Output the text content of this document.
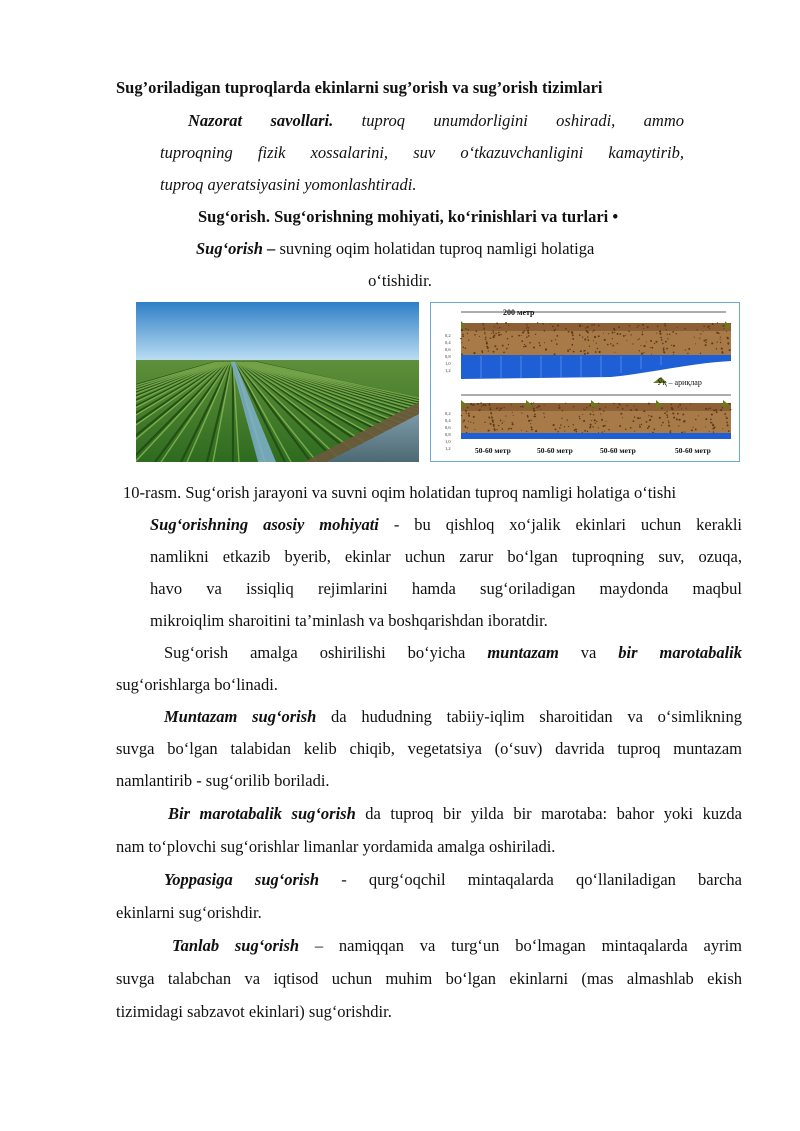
Sug’oriladigan tuproqlarda ekinlarni sug’orish va sug’orish tizimlari
Nazorat savollari. tuproq unumdorligini oshiradi, ammo
tuproqning fizik xossalarini, suv o‘tkazuvchanligini kamaytirib,
tuproq ayeratsiyasini yomonlashtiradi.
Sug‘orish. Sug‘orishning mohiyati, ko‘rinishlari va turlari •
Sug‘orish – suvning oqim holatidan tuproq namligi holatiga
o‘tishidir.
200 метр
0,2
0,4
0,6
0,8
1,0
1,2
Ўқ – ариқлар
0,2
0,4
0,6
0,8
1,0
1,2	50-60 метр	50-60 метр	50-60 метр	50-60 метр
10-rasm. Sug‘orish jarayoni va suvni oqim holatidan tuproq namligi holatiga o‘tishi
Sug‘orishning asosiy mohiyati - bu qishloq xo‘jalik ekinlari uchun kerakli
namlikni etkazib byerib, ekinlar uchun zarur bo‘lgan tuproqning suv, ozuqa,
havo va issiqliq rejimlarini hamda sug‘oriladigan maydonda maqbul
mikroiqlim sharoitini ta’minlash va boshqarishdan iboratdir.
Sug‘orish amalga oshirilishi bo‘yicha muntazam va bir marotabalik
sug‘orishlarga bo‘linadi.
Muntazam sug‘orish da hududning tabiiy-iqlim sharoitidan va o‘simlikning
suvga bo‘lgan talabidan kelib chiqib, vegetatsiya (o‘suv) davrida tuproq muntazam
namlantirib - sug‘orilib boriladi.
Bir marotabalik sug‘orish da tuproq bir yilda bir marotaba: bahor yoki kuzda
nam to‘plovchi sug‘orishlar limanlar yordamida amalga oshiriladi.
Yoppasiga sug‘orish - qurg‘oqchil mintaqalarda qo‘llaniladigan barcha
ekinlarni sug‘orishdir.
Tanlab sug‘orish – namiqqan va turg‘un bo‘lmagan mintaqalarda ayrim
suvga talabchan va iqtisod uchun muhim bo‘lgan ekinlarni (mas almashlab ekish
tizimidagi sabzavot ekinlari) sug‘orishdir.
